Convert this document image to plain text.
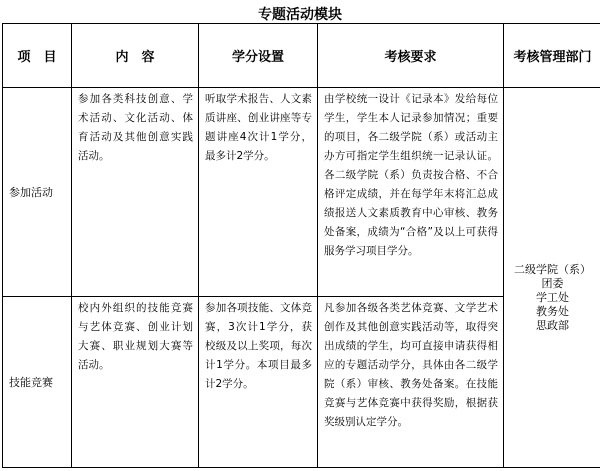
专题活动模块
项　目	内　容	学分设置	考核要求	考核管理部门
参加活动	参加各类科技创意、学术活动、文化活动、体育活动及其他创意实践活动。	听取学术报告、人文素质讲座、创业讲座等专题讲座4次计1学分，最多计2学分。	由学校统一设计《记录本》发给每位学生，学生本人记录参加情况；重要的项目，各二级学院（系）或活动主办方可指定学生组织统一记录认证。各二级学院（系）负责按合格、不合格评定成绩，并在每学年末将汇总成绩报送人文素质教育中心审核、教务处备案，成绩为“合格”及以上可获得服务学习项目学分。	二级学院（系）
团委
学工处
教务处
思政部

技能竞赛	校内外组织的技能竞赛与艺体竞赛、创业计划大赛、职业规划大赛等活动。	参加各项技能、文体竞赛，3次计1学分，获校级及以上奖项，每次计1学分。本项目最多计2学分。	凡参加各级各类艺体竞赛、文学艺术创作及其他创意实践活动等，取得突出成绩的学生，均可直接申请获得相应的专题活动学分，具体由各二级学院（系）审核、教务处备案。在技能竞赛与艺体竞赛中获得奖励，根据获奖级别认定学分。	
